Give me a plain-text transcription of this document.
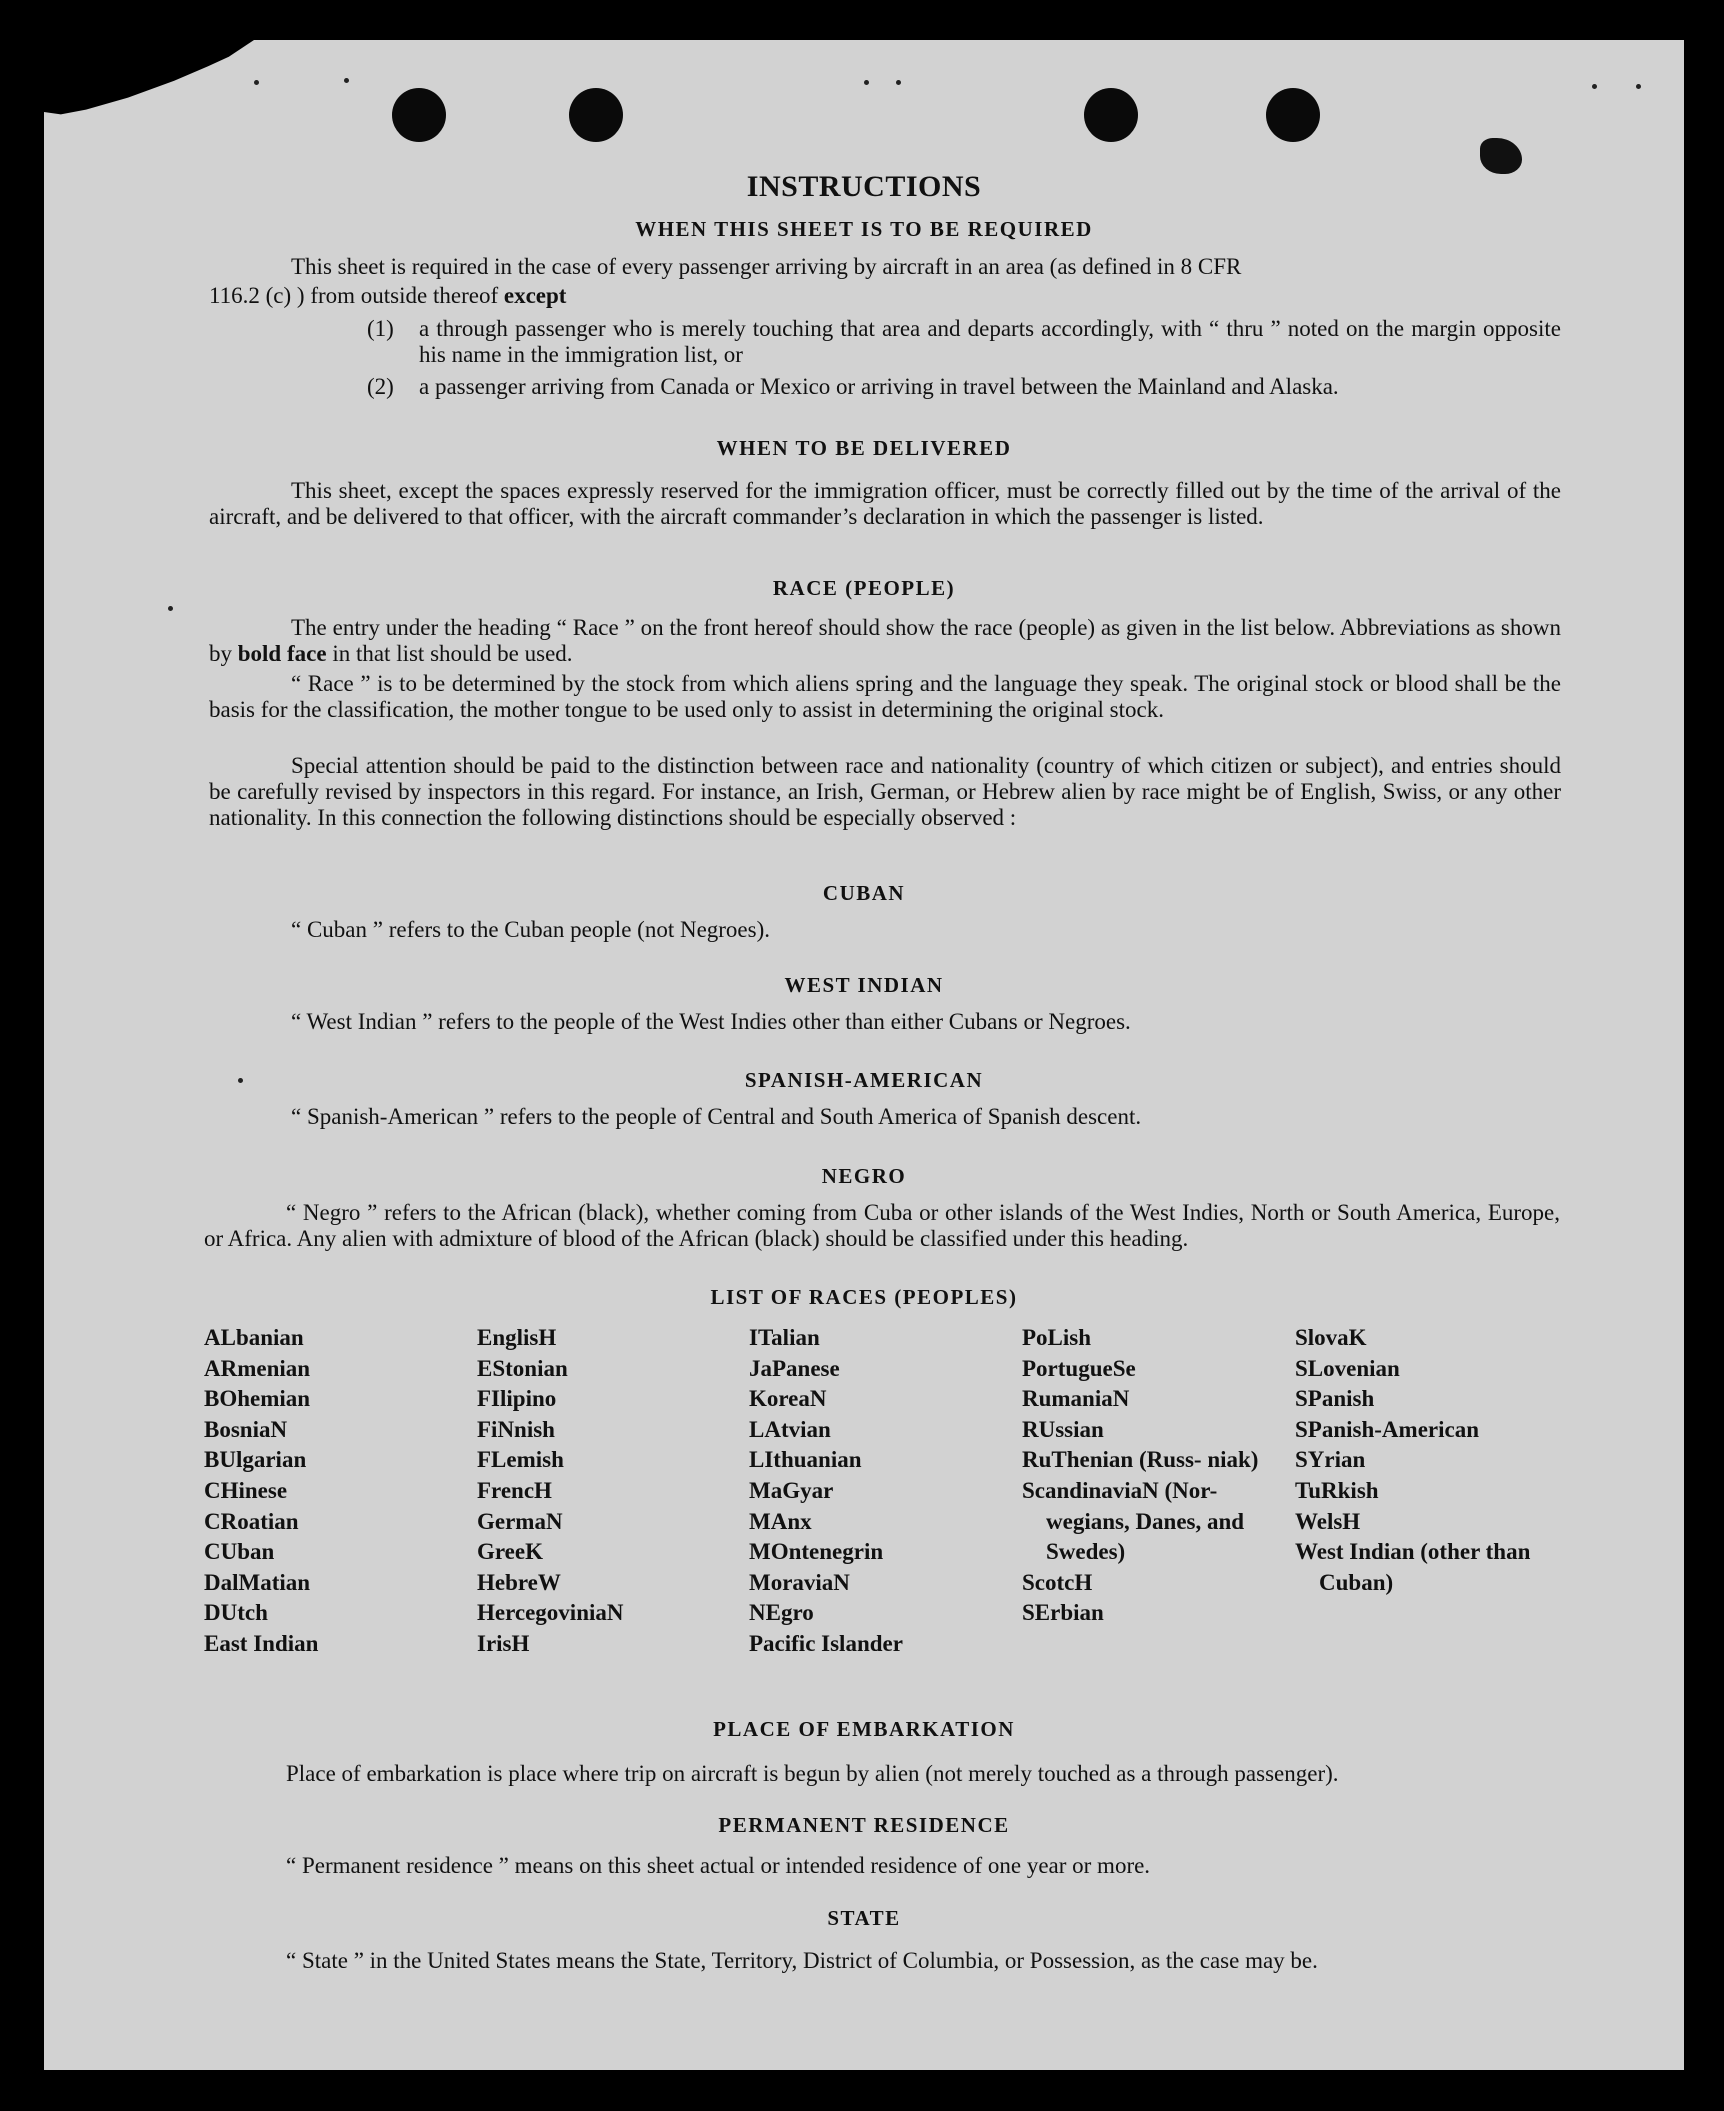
INSTRUCTIONS
WHEN THIS SHEET IS TO BE REQUIRED
This sheet is required in the case of every passenger arriving by aircraft in an area (as defined in 8 CFR
116.2 (c) ) from outside thereof except
(1) a through passenger who is merely touching that area and departs accordingly, with “ thru ” noted on the margin opposite his name in the immigration list, or
(2) a passenger arriving from Canada or Mexico or arriving in travel between the Mainland and Alaska.
WHEN TO BE DELIVERED
This sheet, except the spaces expressly reserved for the immigration officer, must be correctly filled out by the time of the arrival of the aircraft, and be delivered to that officer, with the aircraft commander’s declaration in which the passenger is listed.
RACE (PEOPLE)
The entry under the heading “ Race ” on the front hereof should show the race (people) as given in the list below. Abbreviations as shown by bold face in that list should be used.
“ Race ” is to be determined by the stock from which aliens spring and the language they speak. The original stock or blood shall be the basis for the classification, the mother tongue to be used only to assist in determining the original stock.
Special attention should be paid to the distinction between race and nationality (country of which citizen or subject), and entries should be carefully revised by inspectors in this regard. For instance, an Irish, German, or Hebrew alien by race might be of English, Swiss, or any other nationality. In this connection the following distinctions should be especially observed :
CUBAN
“ Cuban ” refers to the Cuban people (not Negroes).
WEST INDIAN
“ West Indian ” refers to the people of the West Indies other than either Cubans or Negroes.
SPANISH-AMERICAN
“ Spanish-American ” refers to the people of Central and South America of Spanish descent.
NEGRO
“ Negro ” refers to the African (black), whether coming from Cuba or other islands of the West Indies, North or South America, Europe, or Africa. Any alien with admixture of blood of the African (black) should be classified under this heading.
LIST OF RACES (PEOPLES)
ALbanian
ARmenian
BOhemian
BosniaN
BUlgarian
CHinese
CRoatian
CUban
DalMatian
DUtch
East Indian
EnglisH
EStonian
FIlipino
FiNnish
FLemish
FrencH
GermaN
GreeK
HebreW
HercegoviniaN
IrisH
ITalian
JaPanese
KoreaN
LAtvian
LIthuanian
MaGyar
MAnx
MOntenegrin
MoraviaN
NEgro
Pacific Islander
PoLish
PortugueSe
RumaniaN
RUssian
RuThenian (Russ- niak)
ScandinaviaN (Nor- wegians, Danes, and Swedes)
ScotcH
SErbian
SlovaK
SLovenian
SPanish
SPanish-American
SYrian
TuRkish
WelsH
West Indian (other than Cuban)
PLACE OF EMBARKATION
Place of embarkation is place where trip on aircraft is begun by alien (not merely touched as a through passenger).
PERMANENT RESIDENCE
“ Permanent residence ” means on this sheet actual or intended residence of one year or more.
STATE
“ State ” in the United States means the State, Territory, District of Columbia, or Possession, as the case may be.
